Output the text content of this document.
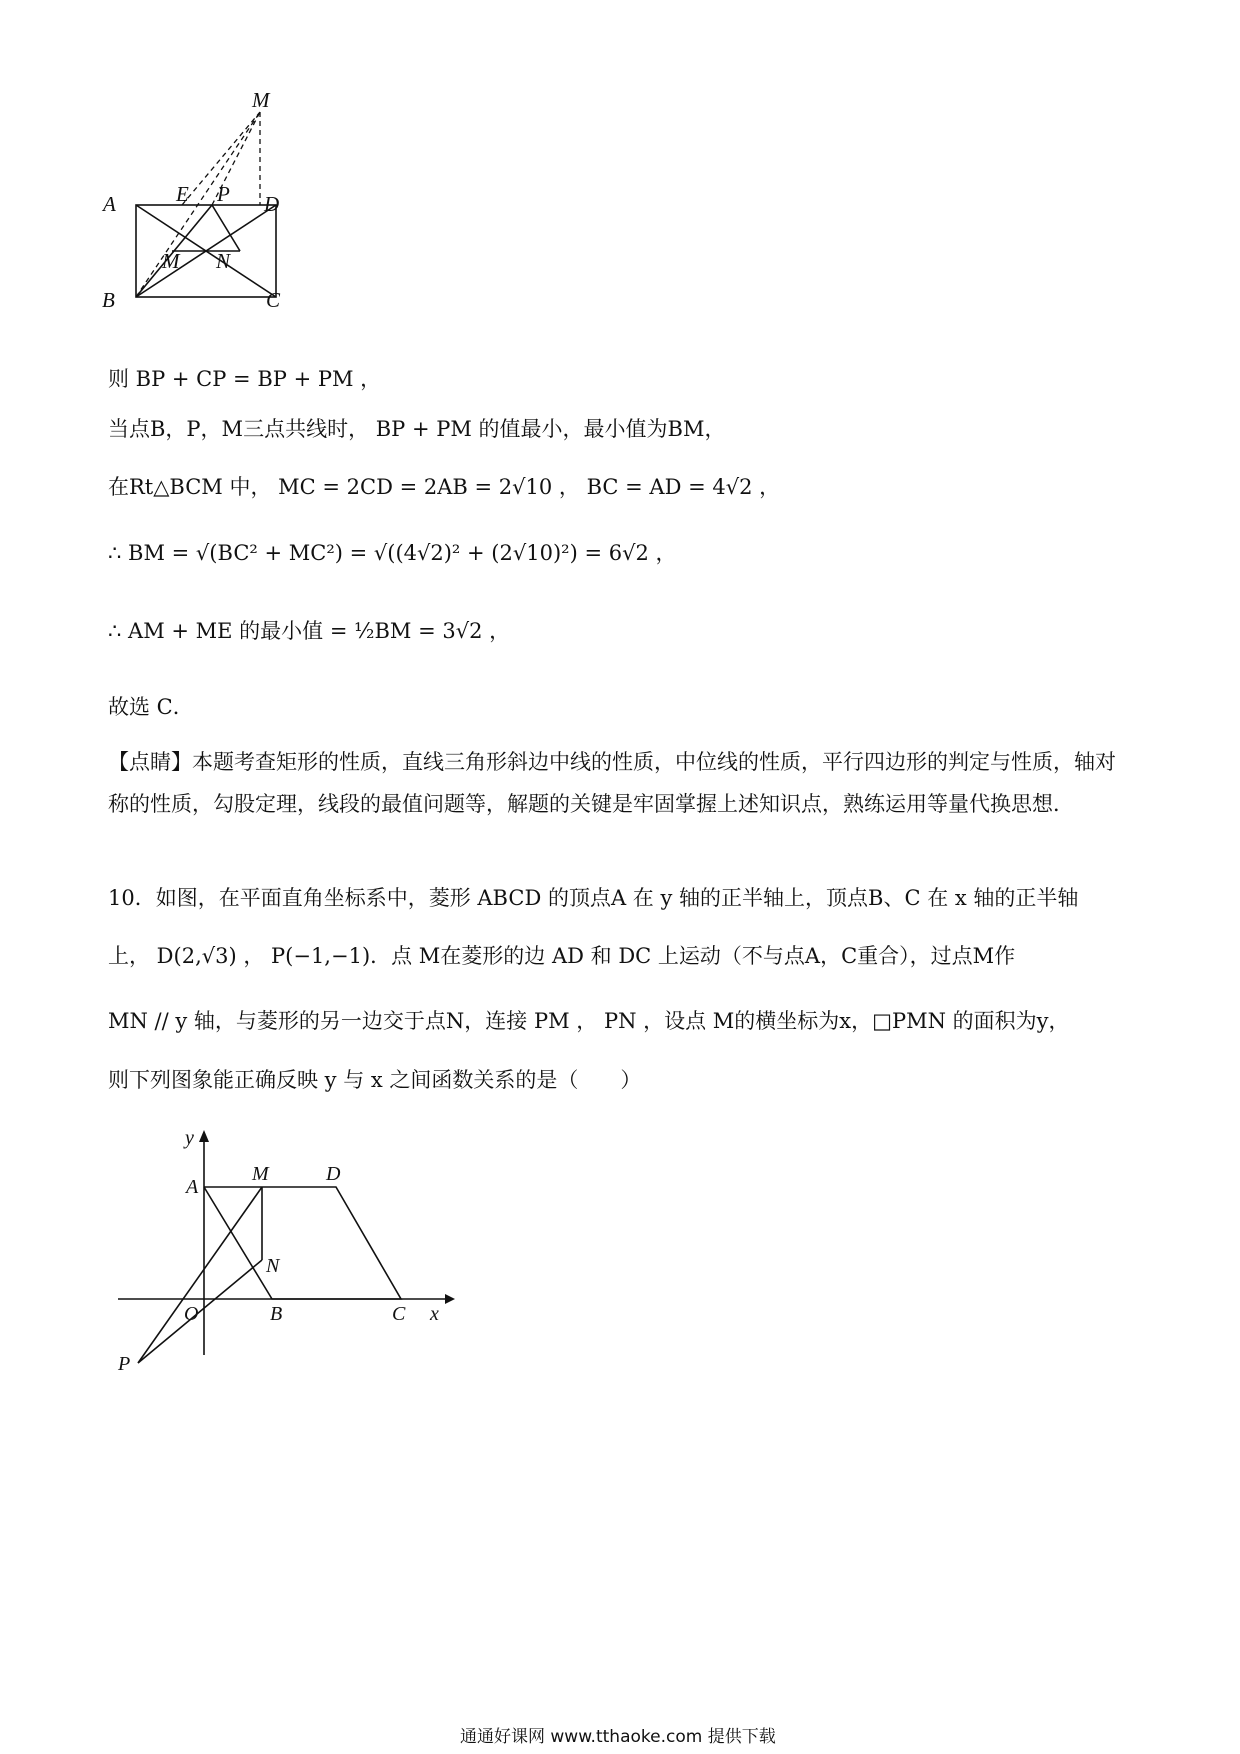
M
A	E P D
M N
B	C
则 BP + CP = BP + PM ，
当点B，P，M三点共线时， BP + PM 的值最小，最小值为BM，
在Rt△BCM 中， MC = 2CD = 2AB = 2√10 ， BC = AD = 4√2 ，
∴ BM = √(BC² + MC²) = √((4√2)² + (2√10)²) = 6√2 ，
∴ AM + ME 的最小值 = ½BM = 3√2 ，
故选 C．
【点睛】本题考查矩形的性质，直线三角形斜边中线的性质，中位线的性质，平行四边形的判定与性质，轴对称的性质，勾股定理，线段的最值问题等，解题的关键是牢固掌握上述知识点，熟练运用等量代换思想．
10．如图，在平面直角坐标系中，菱形 ABCD 的顶点A 在 y 轴的正半轴上，顶点B、C 在 x 轴的正半轴
上， D(2,√3) ， P(−1,−1)．点 M在菱形的边 AD 和 DC 上运动（不与点A，C重合），过点M作
MN // y 轴，与菱形的另一边交于点N，连接 PM ， PN ，设点 M的横坐标为x，□PMN 的面积为y，
则下列图象能正确反映 y 与 x 之间函数关系的是（　　）
y
A
M	D
N
O	B	C x
P
通通好课网 www.tthaoke.com 提供下载
